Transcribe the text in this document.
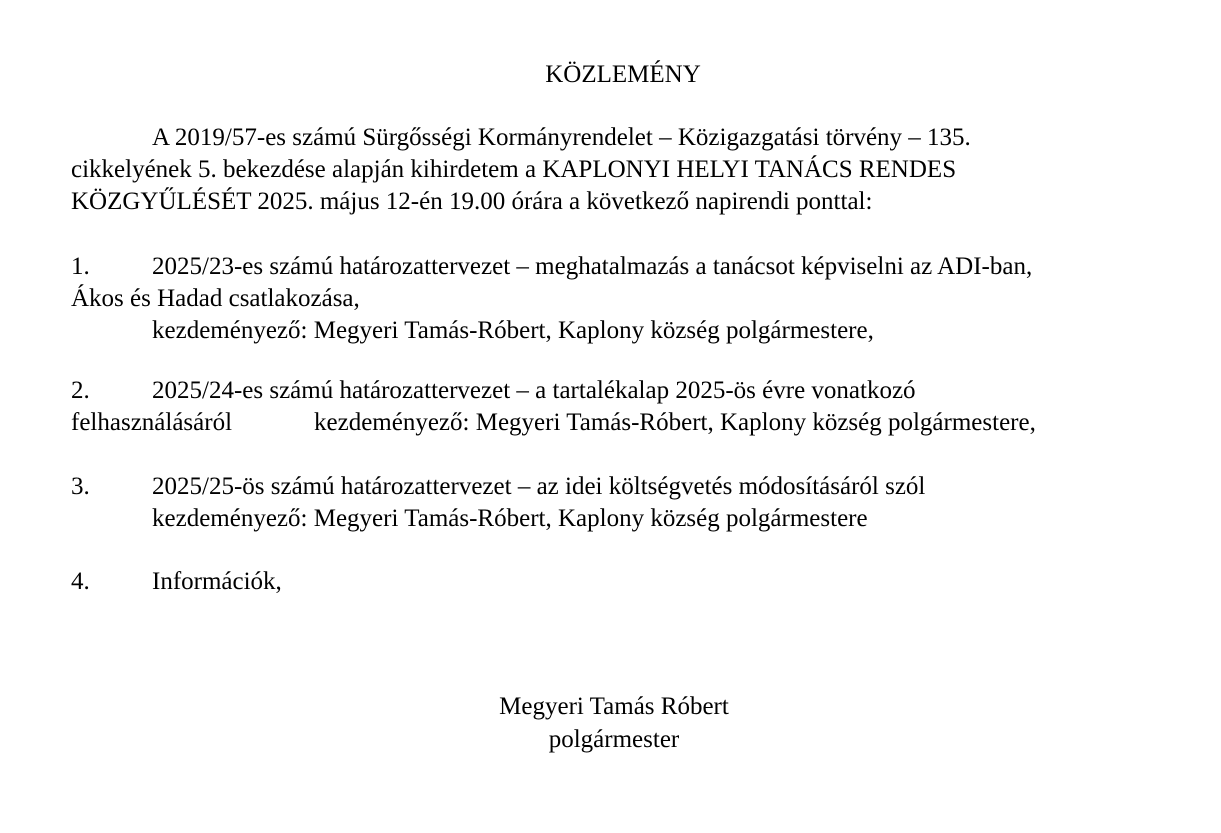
KÖZLEMÉNY
A 2019/57-es számú Sürgősségi Kormányrendelet – Közigazgatási törvény – 135.
cikkelyének 5. bekezdése alapján kihirdetem a KAPLONYI HELYI TANÁCS RENDES
KÖZGYŰLÉSÉT 2025. május 12-én 19.00 órára a következő napirendi ponttal:
1. 2025/23-es számú határozattervezet – meghatalmazás a tanácsot képviselni az ADI-ban,
Ákos és Hadad csatlakozása,
kezdeményező: Megyeri Tamás-Róbert, Kaplony község polgármestere,
2. 2025/24-es számú határozattervezet – a tartalékalap 2025-ös évre vonatkozó
felhasználásáról	kezdeményező: Megyeri Tamás-Róbert, Kaplony község polgármestere,
3. 2025/25-ös számú határozattervezet – az idei költségvetés módosításáról szól
kezdeményező: Megyeri Tamás-Róbert, Kaplony község polgármestere
4. Információk,
Megyeri Tamás Róbert
polgármester
